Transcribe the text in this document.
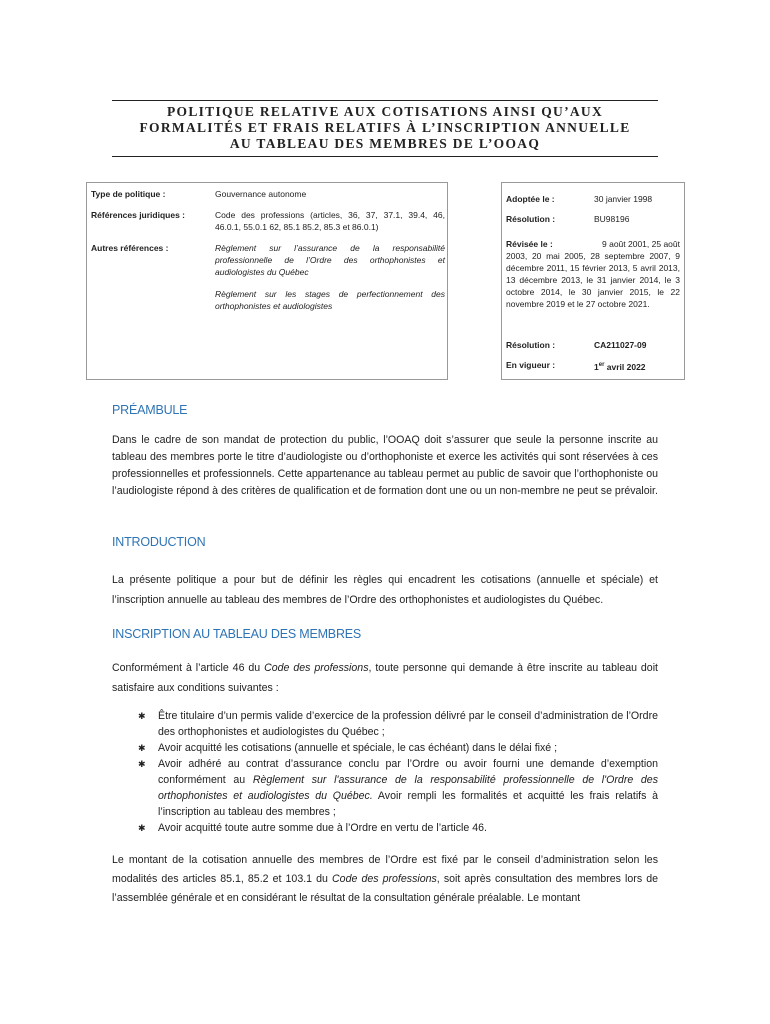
POLITIQUE RELATIVE AUX COTISATIONS AINSI QU’AUX
FORMALITÉS ET FRAIS RELATIFS À L’INSCRIPTION ANNUELLE
AU TABLEAU DES MEMBRES DE L’OOAQ
Type de politique :	Gouvernance autonome
Références juridiques :	Code des professions (articles, 36, 37, 37.1, 39.4, 46, 46.0.1, 55.0.1 62, 85.1 85.2, 85.3 et 86.0.1)
Autres références :	Règlement sur l’assurance de la responsabilité professionnelle de l’Ordre des orthophonistes et audiologistes du Québec
Règlement sur les stages de perfectionnement des orthophonistes et audiologistes
Adoptée le :	30 janvier 1998
Résolution :	BU98196
Révisée le :	9 août 2001, 25 août
2003, 20 mai 2005, 28 septembre 2007, 9 décembre 2011, 15 février 2013, 5 avril 2013, 13 décembre 2013, le 31 janvier 2014, le 3 octobre 2014, le 30 janvier 2015, le 22 novembre 2019 et le 27 octobre 2021.
Résolution :	CA211027-09
En vigueur :	1er avril 2022
PRÉAMBULE
Dans le cadre de son mandat de protection du public, l’OOAQ doit s’assurer que seule la personne inscrite au tableau des membres porte le titre d’audiologiste ou d’orthophoniste et exerce les activités qui sont réservées à ces professionnelles et professionnels. Cette appartenance au tableau permet au public de savoir que l’orthophoniste ou l’audiologiste répond à des critères de qualification et de formation dont une ou un non-membre ne peut se prévaloir.
INTRODUCTION
La présente politique a pour but de définir les règles qui encadrent les cotisations (annuelle et spéciale) et l’inscription annuelle au tableau des membres de l’Ordre des orthophonistes et audiologistes du Québec.
INSCRIPTION AU TABLEAU DES MEMBRES
Conformément à l’article 46 du Code des professions, toute personne qui demande à être inscrite au tableau doit satisfaire aux conditions suivantes :
✱ Être titulaire d’un permis valide d’exercice de la profession délivré par le conseil d’administration de l’Ordre des orthophonistes et audiologistes du Québec ;
✱ Avoir acquitté les cotisations (annuelle et spéciale, le cas échéant) dans le délai fixé ;
✱ Avoir adhéré au contrat d’assurance conclu par l’Ordre ou avoir fourni une demande d’exemption conformément au Règlement sur l'assurance de la responsabilité professionnelle de l'Ordre des orthophonistes et audiologistes du Québec. Avoir rempli les formalités et acquitté les frais relatifs à l’inscription au tableau des membres ;
✱ Avoir acquitté toute autre somme due à l’Ordre en vertu de l’article 46.
Le montant de la cotisation annuelle des membres de l’Ordre est fixé par le conseil d’administration selon les modalités des articles 85.1, 85.2 et 103.1 du Code des professions, soit après consultation des membres lors de l’assemblée générale et en considérant le résultat de la consultation générale préalable. Le montant
